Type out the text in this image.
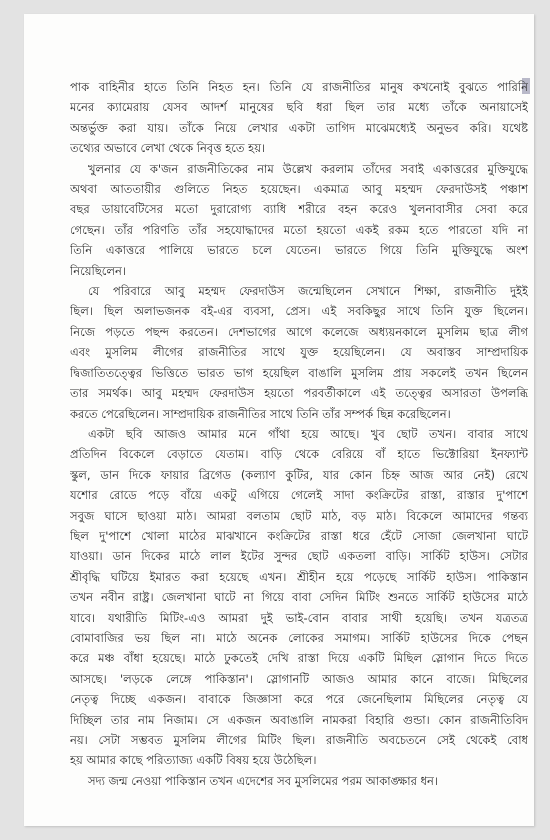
পাক বাহিনীর হাতে তিনি নিহত হন। তিনি যে রাজনীতির মানুষ কখনোই বুঝতে পারিনি
মনের ক্যামেরায় যেসব আদর্শ মানুষের ছবি ধরা ছিল তার মধ্যে তাঁকে অনায়াসেই
অন্তর্ভুক্ত করা যায়। তাঁকে নিয়ে লেখার একটা তাগিদ মাঝেমধ্যেই অনুভব করি। যথেষ্ট
তথ্যের অভাবে লেখা থেকে নিবৃত্ত হতে হয়।
খুলনার যে ক'জন রাজনীতিকের নাম উল্লেখ করলাম তাঁদের সবাই একাত্তরের মুক্তিযুদ্ধে
অথবা আততায়ীর গুলিতে নিহত হয়েছেন। একমাত্র আবু মহম্মদ ফেরদাউসই পঞ্চাশ
বছর ডায়াবেটিসের মতো দুরারোগ্য ব্যাধি শরীরে বহন করেও খুলনাবাসীর সেবা করে
গেছেন। তাঁর পরিণতি তাঁর সহযোদ্ধাদের মতো হয়তো একই রকম হতে পারতো যদি না
তিনি একাত্তরে পালিয়ে ভারতে চলে যেতেন। ভারতে গিয়ে তিনি মুক্তিযুদ্ধে অংশ
নিয়েছিলেন।
যে পরিবারে আবু মহম্মদ ফেরদাউস জন্মেছিলেন সেখানে শিক্ষা, রাজনীতি দুইই
ছিল। ছিল অলাভজনক বই-এর ব্যবসা, প্রেস। এই সবকিছুর সাথে তিনি যুক্ত ছিলেন।
নিজে পড়তে পছন্দ করতেন। দেশভাগের আগে কলেজে অধ্যয়নকালে মুসলিম ছাত্র লীগ
এবং মুসলিম লীগের রাজনীতির সাথে যুক্ত হয়েছিলেন। যে অবাস্তব সাম্প্রদায়িক
দ্বিজাতিতত্ত্বের ভিত্তিতে ভারত ভাগ হয়েছিল বাঙালি মুসলিম প্রায় সকলেই তখন ছিলেন
তার সমর্থক। আবু মহম্মদ ফেরদাউস হয়তো পরবর্তীকালে এই তত্ত্বের অসারতা উপলব্ধি
করতে পেরেছিলেন। সাম্প্রদায়িক রাজনীতির সাথে তিনি তাঁর সম্পর্ক ছিন্ন করেছিলেন।
একটা ছবি আজও আমার মনে গাঁথা হয়ে আছে। খুব ছোট তখন। বাবার সাথে
প্রতিদিন বিকেলে বেড়াতে যেতাম। বাড়ি থেকে বেরিয়ে বাঁ হাতে ভিক্টোরিয়া ইনফ্যান্ট
স্কুল, ডান দিকে ফায়ার ব্রিগেড (কল্যাণ কুটির, যার কোন চিহ্ন আজ আর নেই) রেখে
যশোর রোডে পড়ে বাঁয়ে একটু এগিয়ে গেলেই সাদা কংক্রিটের রাস্তা, রাস্তার দু'পাশে
সবুজ ঘাসে ছাওয়া মাঠ। আমরা বলতাম ছোট মাঠ, বড় মাঠ। বিকেলে আমাদের গন্তব্য
ছিল দু'পাশে খোলা মাঠের মাঝখানে কংক্রিটের রাস্তা ধরে হেঁটে সোজা জেলখানা ঘাটে
যাওয়া। ডান দিকের মাঠে লাল ইটের সুন্দর ছোট একতলা বাড়ি। সার্কিট হাউস। সেটার
শ্রীবৃদ্ধি ঘটিয়ে ইমারত করা হয়েছে এখন। শ্রীহীন হয়ে পড়েছে সার্কিট হাউস। পাকিস্তান
তখন নবীন রাষ্ট্র। জেলখানা ঘাটে না গিয়ে বাবা সেদিন মিটিং শুনতে সার্কিট হাউসের মাঠে
যাবে। যথারীতি মিটিং-এও আমরা দুই ভাই-বোন বাবার সাথী হয়েছি। তখন যত্রতত্র
বোমাবাজির ভয় ছিল না। মাঠে অনেক লোকের সমাগম। সার্কিট হাউসের দিকে পেছন
করে মঞ্চ বাঁধা হয়েছে। মাঠে ঢুকতেই দেখি রাস্তা দিয়ে একটি মিছিল স্লোগান দিতে দিতে
আসছে। 'লড়কে লেঙ্গে পাকিস্তান'। স্লোগানটি আজও আমার কানে বাজে। মিছিলের
নেতৃত্ব দিচ্ছে একজন। বাবাকে জিজ্ঞাসা করে পরে জেনেছিলাম মিছিলের নেতৃত্ব যে
দিচ্ছিল তার নাম নিজাম। সে একজন অবাঙালি নামকরা বিহারি গুন্ডা। কোন রাজনীতিবিদ
নয়। সেটা সম্ভবত মুসলিম লীগের মিটিং ছিল। রাজনীতি অবচেতনে সেই থেকেই বোধ
হয় আমার কাছে পরিত্যাজ্য একটি বিষয় হয়ে উঠেছিল।
সদ্য জন্ম নেওয়া পাকিস্তান তখন এদেশের সব মুসলিমের পরম আকাঙ্ক্ষার ধন।
